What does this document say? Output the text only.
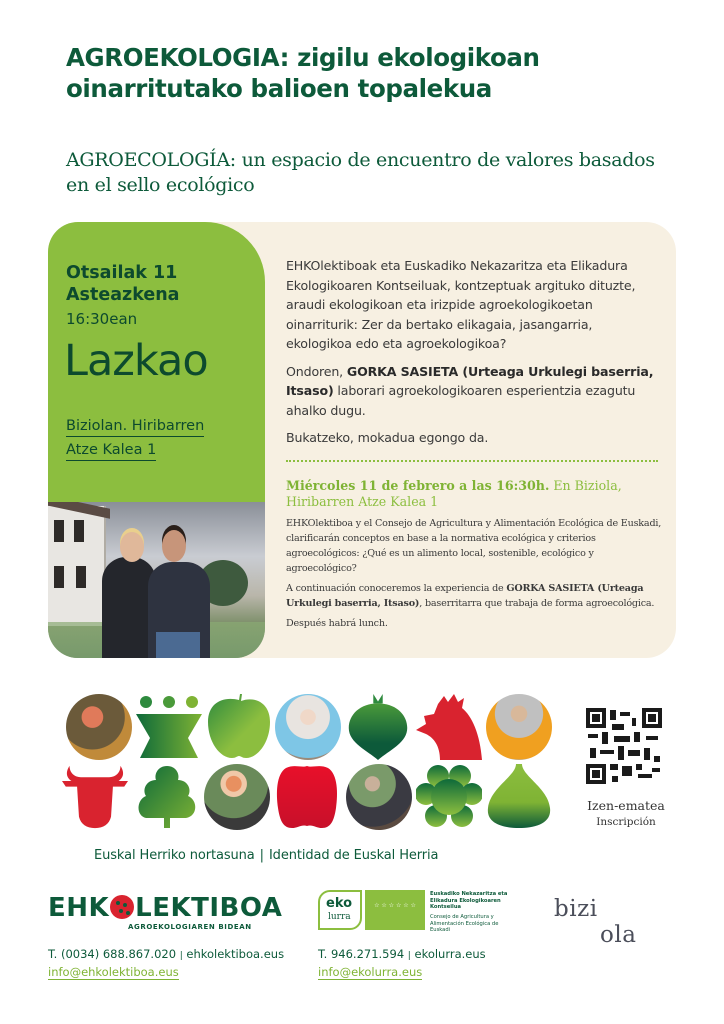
AGROEKOLOGIA: zigilu ekologikoan oinarritutako balioen topalekua
AGROECOLOGÍA: un espacio de encuentro de valores basados en el sello ecológico
Otsailak 11
Asteazkena
16:30ean
Lazkao
Biziolan. Hiribarren
Atze Kalea 1

EHKOlektiboak eta Euskadiko Nekazaritza eta Elikadura Ekologikoaren Kontseiluak, kontzeptuak argituko dituzte, araudi ekologikoan eta irizpide agroekologikoetan oinarriturik: Zer da bertako elikagaia, jasangarria, ekologikoa edo eta agroekologikoa?

Ondoren, GORKA SASIETA (Urteaga Urkulegi baserria, Itsaso) laborari agroekologikoaren esperientzia ezagutu ahalko dugu.

Bukatzeko, mokadua egongo da.

Miércoles 11 de febrero a las 16:30h. En Biziola, Hiribarren Atze Kalea 1

EHKOlektiboa y el Consejo de Agricultura y Alimentación Ecológica de Euskadi, clarificarán conceptos en base a la normativa ecológica y criterios agroecológicos: ¿Qué es un alimento local, sostenible, ecológico y agroecológico?

A continuación conoceremos la experiencia de GORKA SASIETA (Urteaga Urkulegi baserria, Itsaso), baserritarra que trabaja de forma agroecológica.

Después habrá lunch.

Izen-ematea
Inscripción
Euskal Herriko nortasuna | Identidad de Euskal Herria
EHK LEKTIBOA
AGROEKOLOGIAREN BIDEAN
T. (0034) 688.867.020 | ehkolektiboa.eus
info@ehkolektiboa.eus
eko
lurra
☆ ☆ ☆ ☆ ☆ ☆
Euskadiko Nekazaritza eta Elikadura Ekologikoaren Kontseilua
Consejo de Agricultura y Alimentación Ecológica de Euskadi
T. 946.271.594 | ekolurra.eus
info@ekolurra.eus
bizi
ola
